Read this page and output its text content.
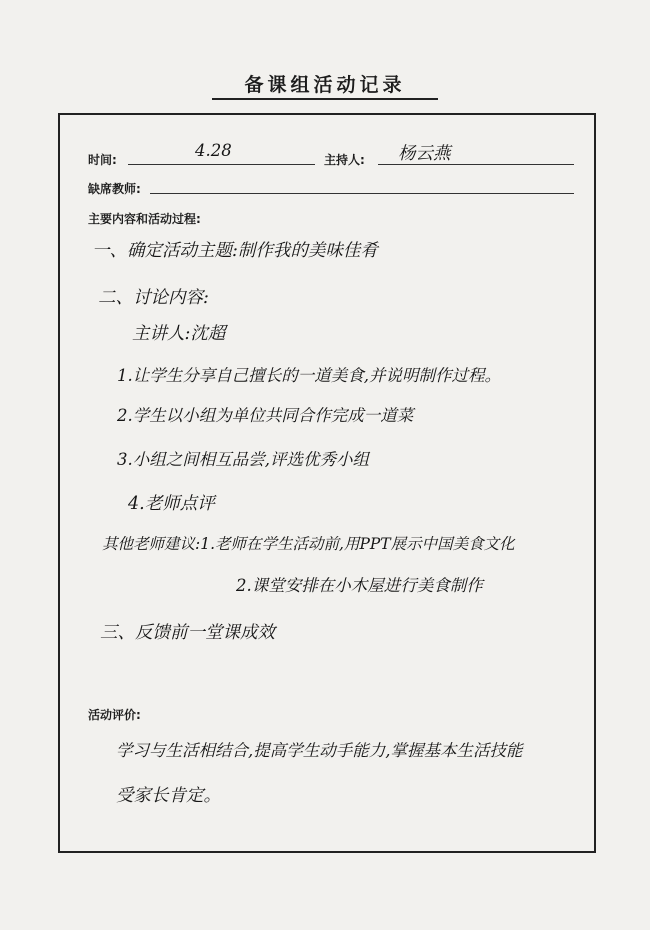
备课组活动记录
时间:	4.28	主持人: 杨云燕
缺席教师:
主要内容和活动过程:
一、确定活动主题:制作我的美味佳肴
二、讨论内容:
主讲人:沈超
1.让学生分享自己擅长的一道美食,并说明制作过程。
2.学生以小组为单位共同合作完成一道菜
3.小组之间相互品尝,评选优秀小组
4.老师点评
其他老师建议:1.老师在学生活动前,用PPT展示中国美食文化
2.课堂安排在小木屋进行美食制作
三、反馈前一堂课成效
活动评价:
学习与生活相结合,提高学生动手能力,掌握基本生活技能
受家长肯定。
